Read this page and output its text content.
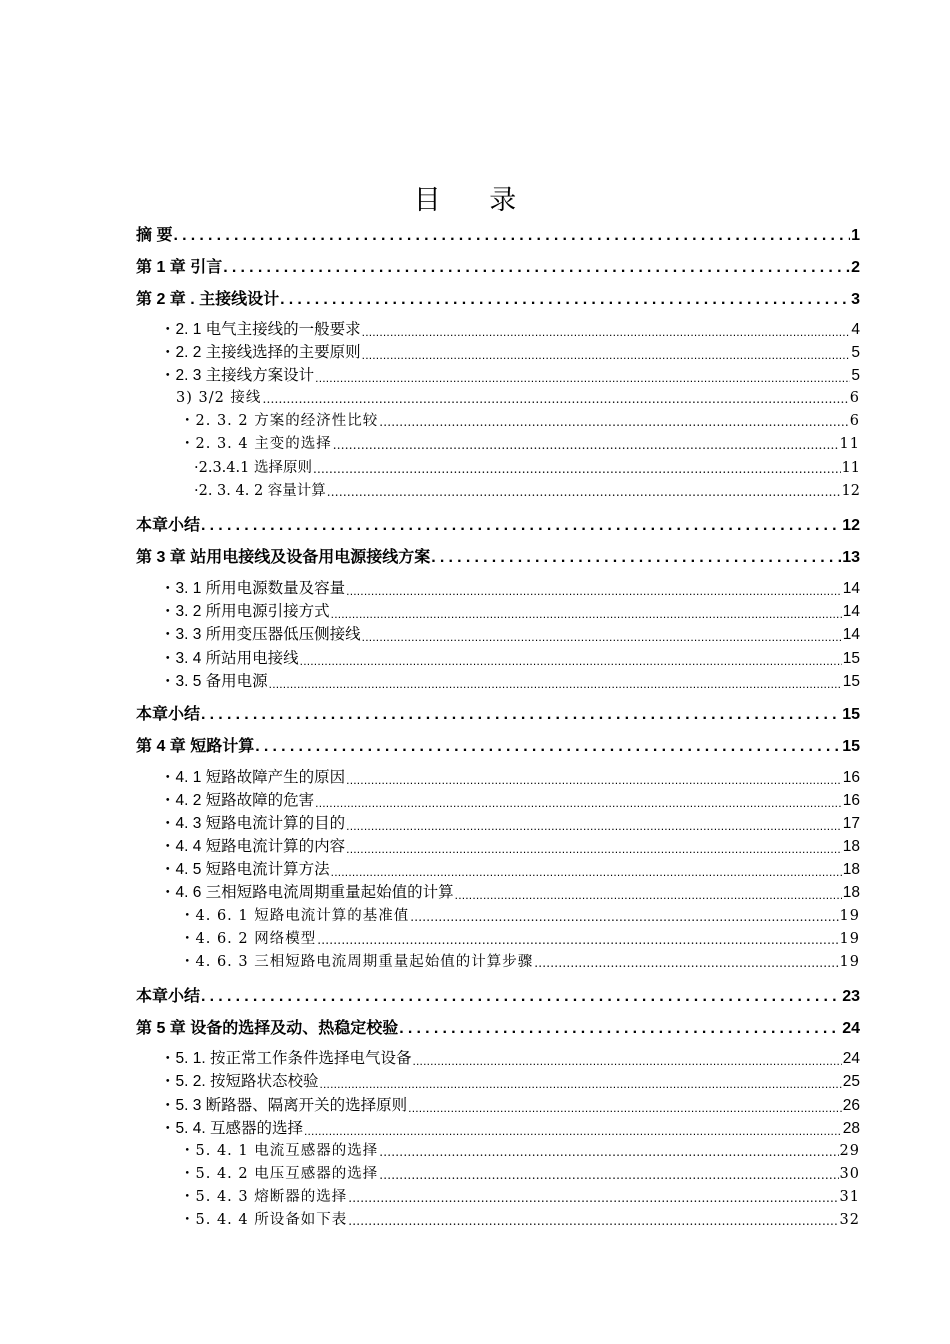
目 录
摘 要 .....	1
第 1 章 引言 .....	2
第 2 章 . 主接线设计 .....	3
・2. 1 电气主接线的一般要求 .....	4
・2. 2 主接线选择的主要原则 .....	5
・2. 3 主接线方案设计 .....	5
3) 3/2 接线 .....	6
・2. 3. 2 方案的经济性比较 .....	6
・2. 3. 4 主变的选择 .....	11
·2.3.4.1 选择原则 .....	11
·2. 3. 4. 2 容量计算 .....	12
本章小结 .....	12
第 3 章 站用电接线及设备用电源接线方案 .....	13
・3. 1 所用电源数量及容量 .....	14
・3. 2 所用电源引接方式 .....	14
・3. 3 所用变压器低压侧接线 .....	14
・3. 4 所站用电接线 .....	15
・3. 5 备用电源 .....	15
本章小结 .....	15
第 4 章 短路计算 .....	15
・4. 1 短路故障产生的原因 .....	16
・4. 2 短路故障的危害 .....	16
・4. 3 短路电流计算的目的 .....	17
・4. 4 短路电流计算的内容 .....	18
・4. 5 短路电流计算方法 .....	18
・4. 6 三相短路电流周期重量起始值的计算 .....	18
・4. 6. 1 短路电流计算的基准值 .....	19
・4. 6. 2 网络模型 .....	19
・4. 6. 3 三相短路电流周期重量起始值的计算步骤 .....	19
本章小结 .....	23
第 5 章 设备的选择及动、热稳定校验 .....	24
・5. 1. 按正常工作条件选择电气设备 .....	24
・5. 2. 按短路状态校验 .....	25
・5. 3 断路器、隔离开关的选择原则 .....	26
・5. 4. 互感器的选择 .....	28
・5. 4. 1 电流互感器的选择 .....	29
・5. 4. 2 电压互感器的选择 .....	30
・5. 4. 3 熔断器的选择 .....	31
・5. 4. 4 所设备如下表 .....	32
